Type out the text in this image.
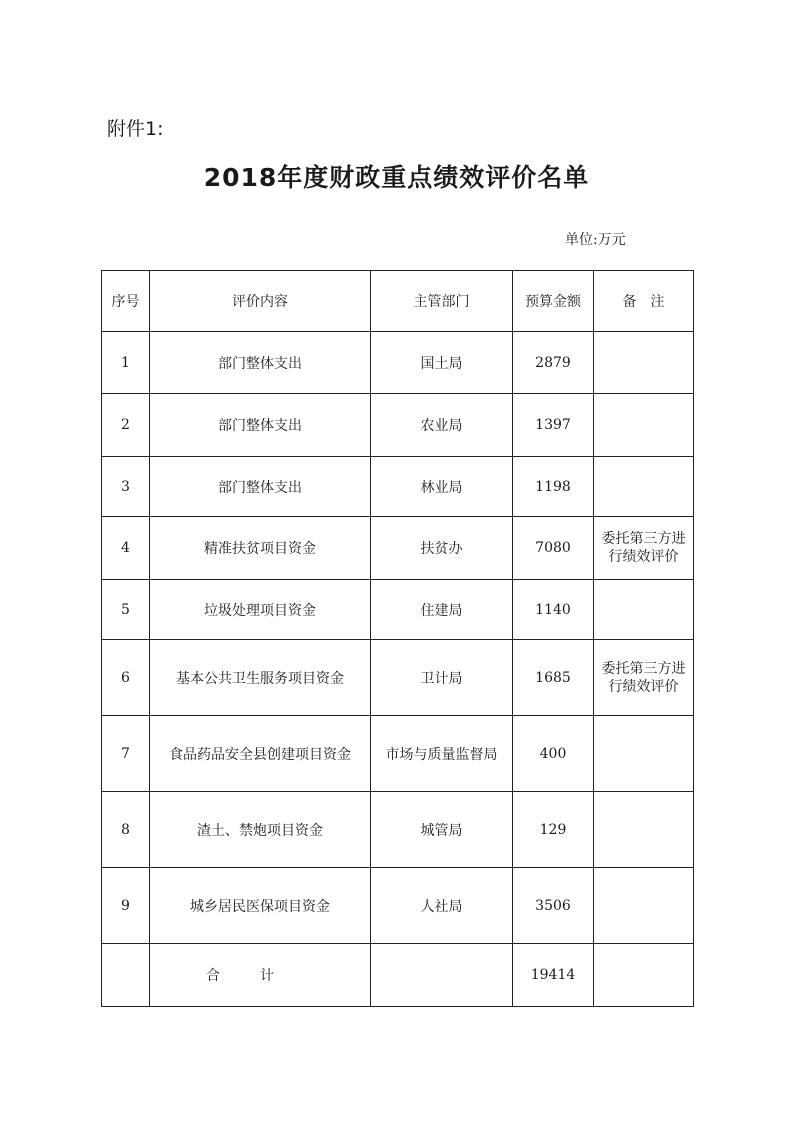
附件1:
2018年度财政重点绩效评价名单
单位:万元
序号	评价内容	主管部门	预算金额	备　注
1	部门整体支出	国土局	2879	
2	部门整体支出	农业局	1397	
3	部门整体支出	林业局	1198	
4	精准扶贫项目资金	扶贫办	7080	委托第三方进行绩效评价
5	垃圾处理项目资金	住建局	1140	
6	基本公共卫生服务项目资金	卫计局	1685	委托第三方进行绩效评价
7	食品药品安全县创建项目资金	市场与质量监督局	400	
8	渣土、禁炮项目资金	城管局	129	
9	城乡居民医保项目资金	人社局	3506	
	合计		19414	
